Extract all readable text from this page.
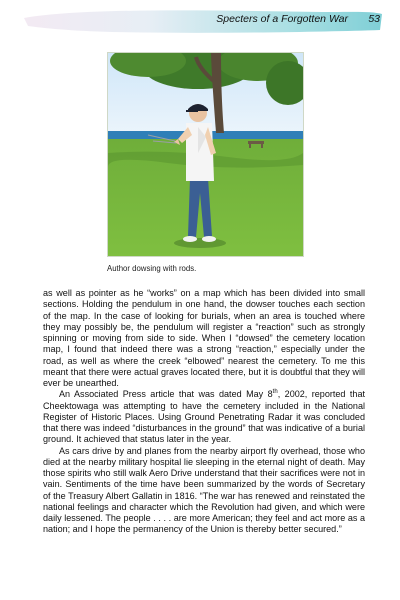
Specters of a Forgotten War 53
Author dowsing with rods.

as well as pointer as he “works” on a map which has been divided into small sections. Holding the pendulum in one hand, the dowser touches each section of the map. In the case of looking for burials, when an area is touched where they may possibly be, the pendulum will register a “reaction” such as strongly spinning or moving from side to side. When I “dowsed” the cemetery location map, I found that indeed there was a strong “reaction,” especially under the road, as well as where the creek “elbowed” nearest the cemetery. To me this meant that there were actual graves located there, but it is doubtful that they will ever be unearthed.

An Associated Press article that was dated May 8th, 2002, reported that Cheektowaga was attempting to have the cemetery included in the National Register of Historic Places. Using Ground Penetrating Radar it was concluded that there was indeed “disturbances in the ground” that was indicative of a burial ground. It achieved that status later in the year.

As cars drive by and planes from the nearby airport fly overhead, those who died at the nearby military hospital lie sleeping in the eternal night of death. May those spirits who still walk Aero Drive understand that their sacrifices were not in vain. Sentiments of the time have been summarized by the words of Secretary of the Treasury Albert Gallatin in 1816. “The war has renewed and reinstated the national feelings and character which the Revolution had given, and which were daily lessened. The people . . . . are more American; they feel and act more as a nation; and I hope the permanency of the Union is thereby better secured.”
